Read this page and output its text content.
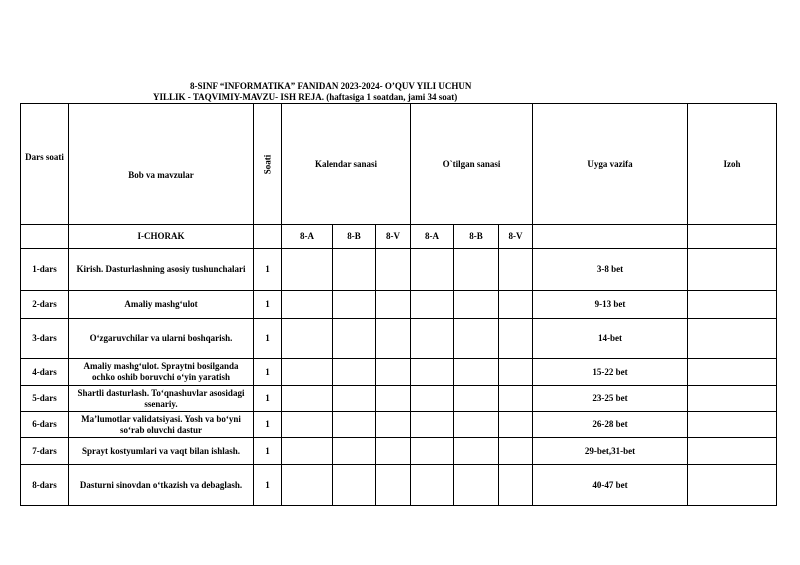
8-SINF “INFORMATIKA” FANIDAN 2023-2024- O’QUV YILI UCHUN
YILLIK - TAQVIMIY-MAVZU- ISH REJA. (haftasiga 1 soatdan, jami 34 soat)
Dars soati	Bob va mavzular	Soati	Kalendar sanasi			O`tilgan sanasi			Uyga vazifa	Izoh
	I-CHORAK		8-A	8-B	8-V	8-A	8-B	8-V		
1-dars	Kirish. Dasturlashning asosiy tushunchalari	1							3-8 bet	
2-dars	Amaliy mashg‘ulot	1							9-13 bet	
3-dars	O‘zgaruvchilar va ularni boshqarish.	1							14-bet	
4-dars	Amaliy mashg‘ulot. Spraytni bosilganda ochko oshib boruvchi o‘yin yaratish	1							15-22 bet	
5-dars	Shartli dasturlash. To‘qnashuvlar asosidagi ssenariy.	1							23-25 bet	
6-dars	Ma’lumotlar validatsiyasi. Yosh va bo‘yni so‘rab oluvchi dastur	1							26-28 bet	
7-dars	Sprayt kostyumlari va vaqt bilan ishlash.	1							29-bet,31-bet	
8-dars	Dasturni sinovdan o‘tkazish va debaglash.	1							40-47 bet	
